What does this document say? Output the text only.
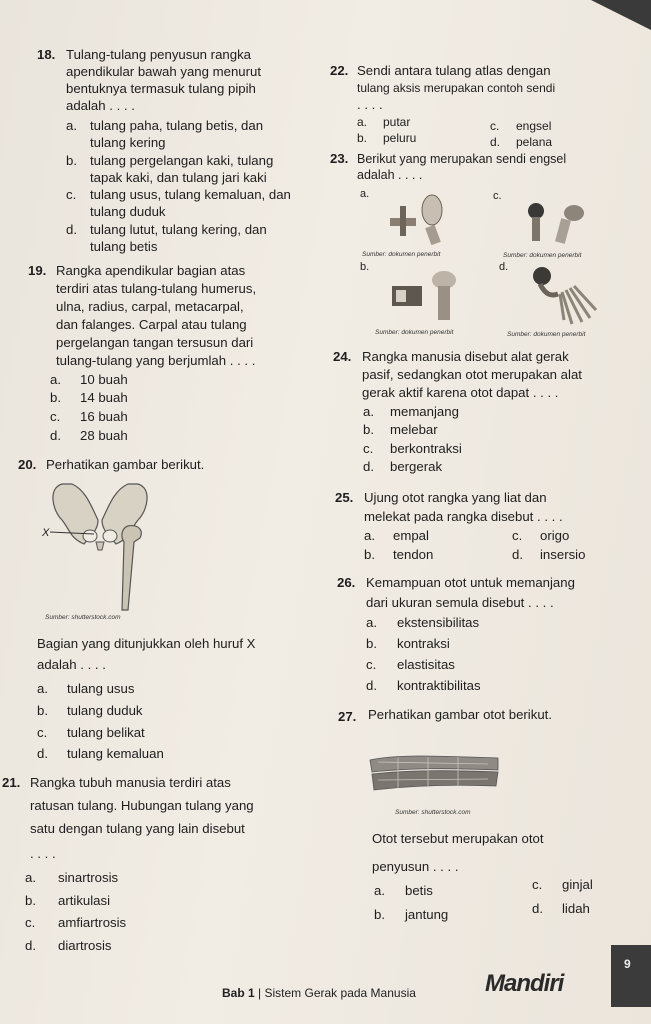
18. Tulang-tulang penyusun rangka
apendikular bawah yang menurut
bentuknya termasuk tulang pipih
adalah . . . .
a. tulang paha, tulang betis, dan
tulang kering
b. tulang pergelangan kaki, tulang
tapak kaki, dan tulang jari kaki
c. tulang usus, tulang kemaluan, dan
tulang duduk
d. tulang lutut, tulang kering, dan
tulang betis
19. Rangka apendikular bagian atas
terdiri atas tulang-tulang humerus,
ulna, radius, carpal, metacarpal,
dan falanges. Carpal atau tulang
pergelangan tangan tersusun dari
tulang-tulang yang berjumlah . . . .
a. 10 buah
b. 14 buah
c. 16 buah
d. 28 buah
20. Perhatikan gambar berikut.
X
Sumber: shutterstock.com
Bagian yang ditunjukkan oleh huruf X
adalah . . . .
a. tulang usus
b. tulang duduk
c. tulang belikat
d. tulang kemaluan
21. Rangka tubuh manusia terdiri atas
ratusan tulang. Hubungan tulang yang
satu dengan tulang yang lain disebut
. . . .
a. sinartrosis
b. artikulasi
c. amfiartrosis
d. diartrosis
22. Sendi antara tulang atlas dengan
tulang aksis merupakan contoh sendi
. . . .
a. putar
b. peluru
c. engsel
d. pelana
23. Berikut yang merupakan sendi engsel
adalah . . . .
a.
Sumber: dokumen penerbit
c.
Sumber: dokumen penerbit
b.
Sumber: dokumen penerbit
d.
Sumber: dokumen penerbit
24. Rangka manusia disebut alat gerak
pasif, sedangkan otot merupakan alat
gerak aktif karena otot dapat . . . .
a. memanjang
b. melebar
c. berkontraksi
d. bergerak
25. Ujung otot rangka yang liat dan
melekat pada rangka disebut . . . .
a. empal
b. tendon
c. origo
d. insersio
26. Kemampuan otot untuk memanjang
dari ukuran semula disebut . . . .
a. ekstensibilitas
b. kontraksi
c. elastisitas
d. kontraktibilitas
27. Perhatikan gambar otot berikut.
Sumber: shutterstock.com
Otot tersebut merupakan otot
penyusun . . . .
a. betis
b. jantung
c. ginjal
d. lidah
Bab 1 | Sistem Gerak pada Manusia	Mandiri
9
